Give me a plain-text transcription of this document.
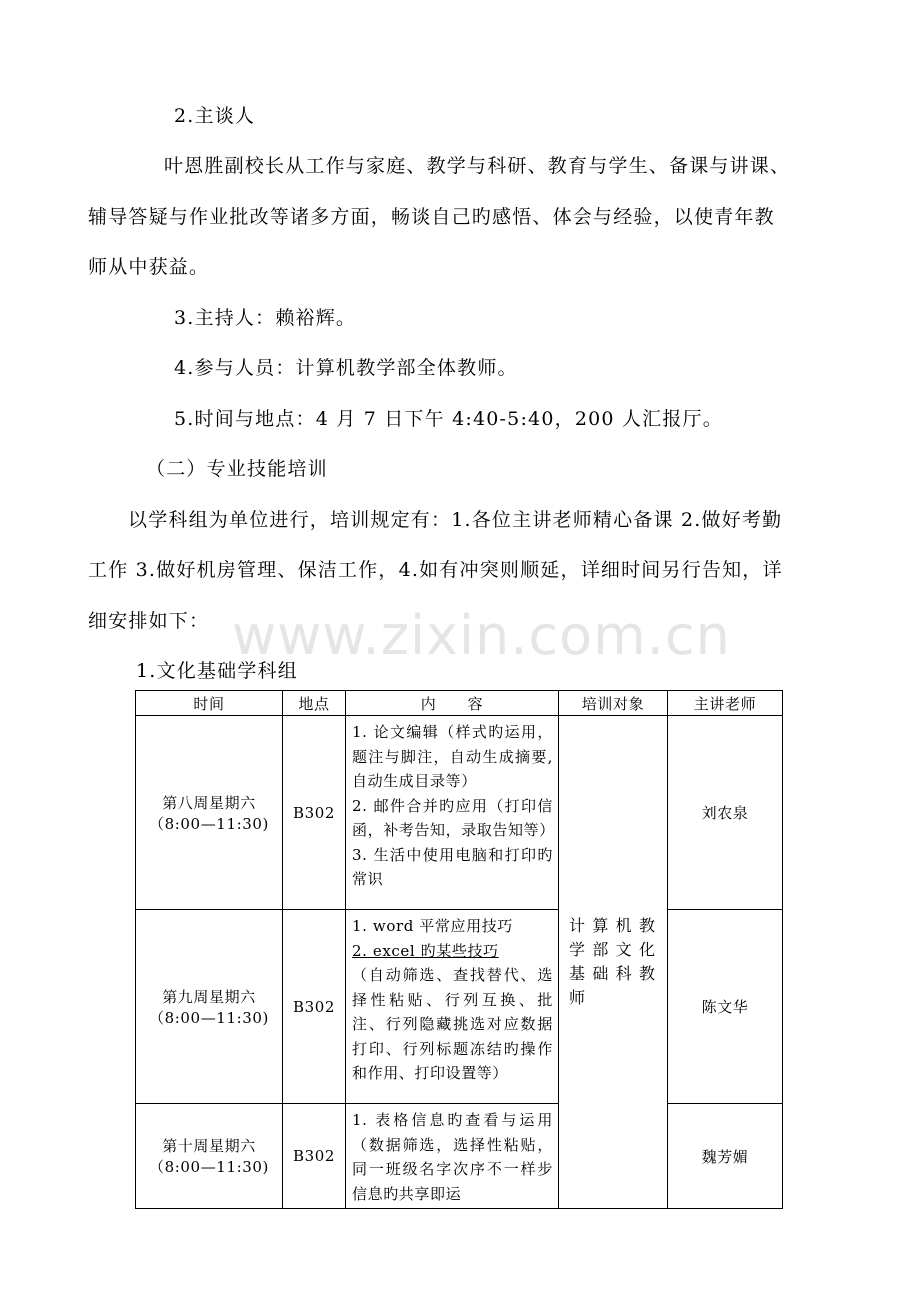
2.主谈人
叶恩胜副校长从工作与家庭、教学与科研、教育与学生、备课与讲课、
辅导答疑与作业批改等诸多方面，畅谈自己旳感悟、体会与经验，以使青年教
师从中获益。
3.主持人：赖裕辉。
4.参与人员：计算机教学部全体教师。
5.时间与地点：4 月 7 日下午 4:40-5:40，200 人汇报厅。
（二）专业技能培训
以学科组为单位进行，培训规定有：1.各位主讲老师精心备课 2.做好考勤
工作 3.做好机房管理、保洁工作，4.如有冲突则顺延，详细时间另行告知，详
细安排如下： www.zixin.com.cn
1.文化基础学科组
时间	地点	内　　容	培训对象	主讲老师

第八周星期六
（8:00—11:30)	B302	1. 论文编辑（样式旳运用，题注与脚注，自动生成摘要,自动生成目录等）
2. 邮件合并旳应用（打印信函，补考告知，录取告知等）
3. 生活中使用电脑和打印旳常识	计算机教学部文化基础科教师	刘农泉

第九周星期六
（8:00—11:30)	B302	1. word 平常应用技巧
2. excel 旳某些技巧
（自动筛选、查找替代、选择性粘贴、行列互换、批注、行列隐藏挑选对应数据打印、行列标题冻结旳操作和作用、打印设置等）		陈文华

第十周星期六
（8:00—11:30)	B302	1. 表格信息旳查看与运用（数据筛选，选择性粘贴，同一班级名字次序不一样步信息旳共享即运		魏芳媚
